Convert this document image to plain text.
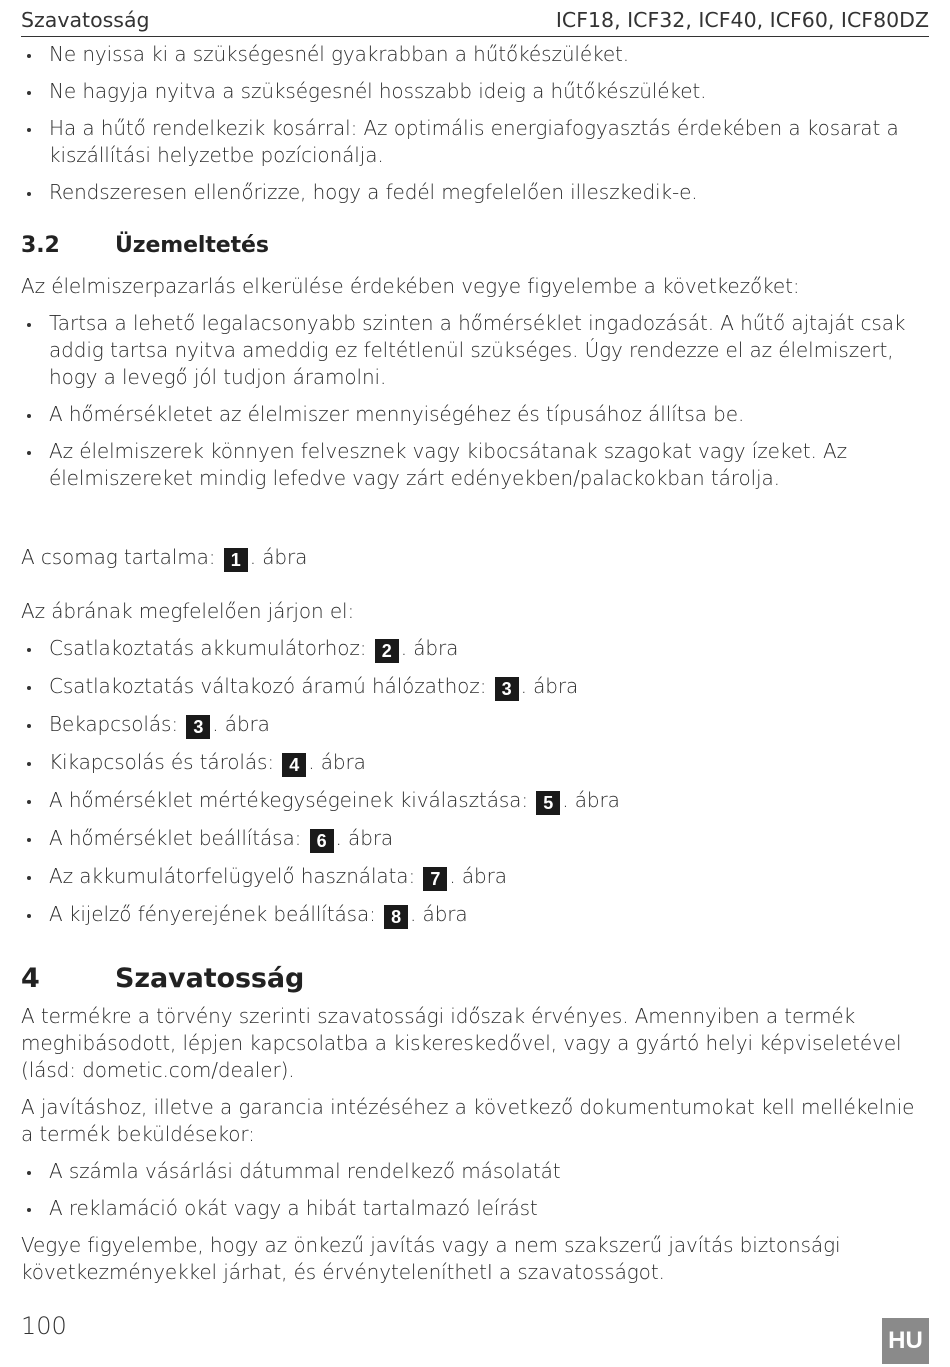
Szavatosság	ICF18, ICF32, ICF40, ICF60, ICF80DZ
Ne nyissa ki a szükségesnél gyakrabban a hűtőkészüléket.
Ne hagyja nyitva a szükségesnél hosszabb ideig a hűtőkészüléket.
Ha a hűtő rendelkezik kosárral: Az optimális energiafogyasztás érdekében a kosarat a kiszállítási helyzetbe pozícionálja.
Rendszeresen ellenőrizze, hogy a fedél megfelelően illeszkedik-e.
3.2	Üzemeltetés

Az élelmiszerpazarlás elkerülése érdekében vegye figyelembe a következőket:

Tartsa a lehető legalacsonyabb szinten a hőmérséklet ingadozását. A hűtő ajtaját csak addig tartsa nyitva ameddig ez feltétlenül szükséges. Úgy rendezze el az élelmiszert, hogy a levegő jól tudjon áramolni.
A hőmérsékletet az élelmiszer mennyiségéhez és típusához állítsa be.
Az élelmiszerek könnyen felvesznek vagy kibocsátanak szagokat vagy ízeket. Az élelmiszereket mindig lefedve vagy zárt edényekben/palackokban tárolja.

A csomag tartalma: 1 . ábra

Az ábrának megfelelően járjon el:

Csatlakoztatás akkumulátorhoz: 2 . ábra
Csatlakoztatás váltakozó áramú hálózathoz: 3 . ábra
Bekapcsolás: 3 . ábra
Kikapcsolás és tárolás: 4 . ábra
A hőmérséklet mértékegységeinek kiválasztása: 5 . ábra
A hőmérséklet beállítása: 6 . ábra
Az akkumulátorfelügyelő használata: 7 . ábra
A kijelző fényerejének beállítása: 8 . ábra
4	Szavatosság

A termékre a törvény szerinti szavatossági időszak érvényes. Amennyiben a termék meghibásodott, lépjen kapcsolatba a kiskereskedővel, vagy a gyártó helyi képviseletével (lásd: dometic.com/dealer).

A javításhoz, illetve a garancia intézéséhez a következő dokumentumokat kell mellékelnie a termék beküldésekor:

A számla vásárlási dátummal rendelkező másolatát
A reklamáció okát vagy a hibát tartalmazó leírást

Vegye figyelembe, hogy az önkezű javítás vagy a nem szakszerű javítás biztonsági következményekkel járhat, és érvényteleníthetI a szavatosságot.

100
HU
